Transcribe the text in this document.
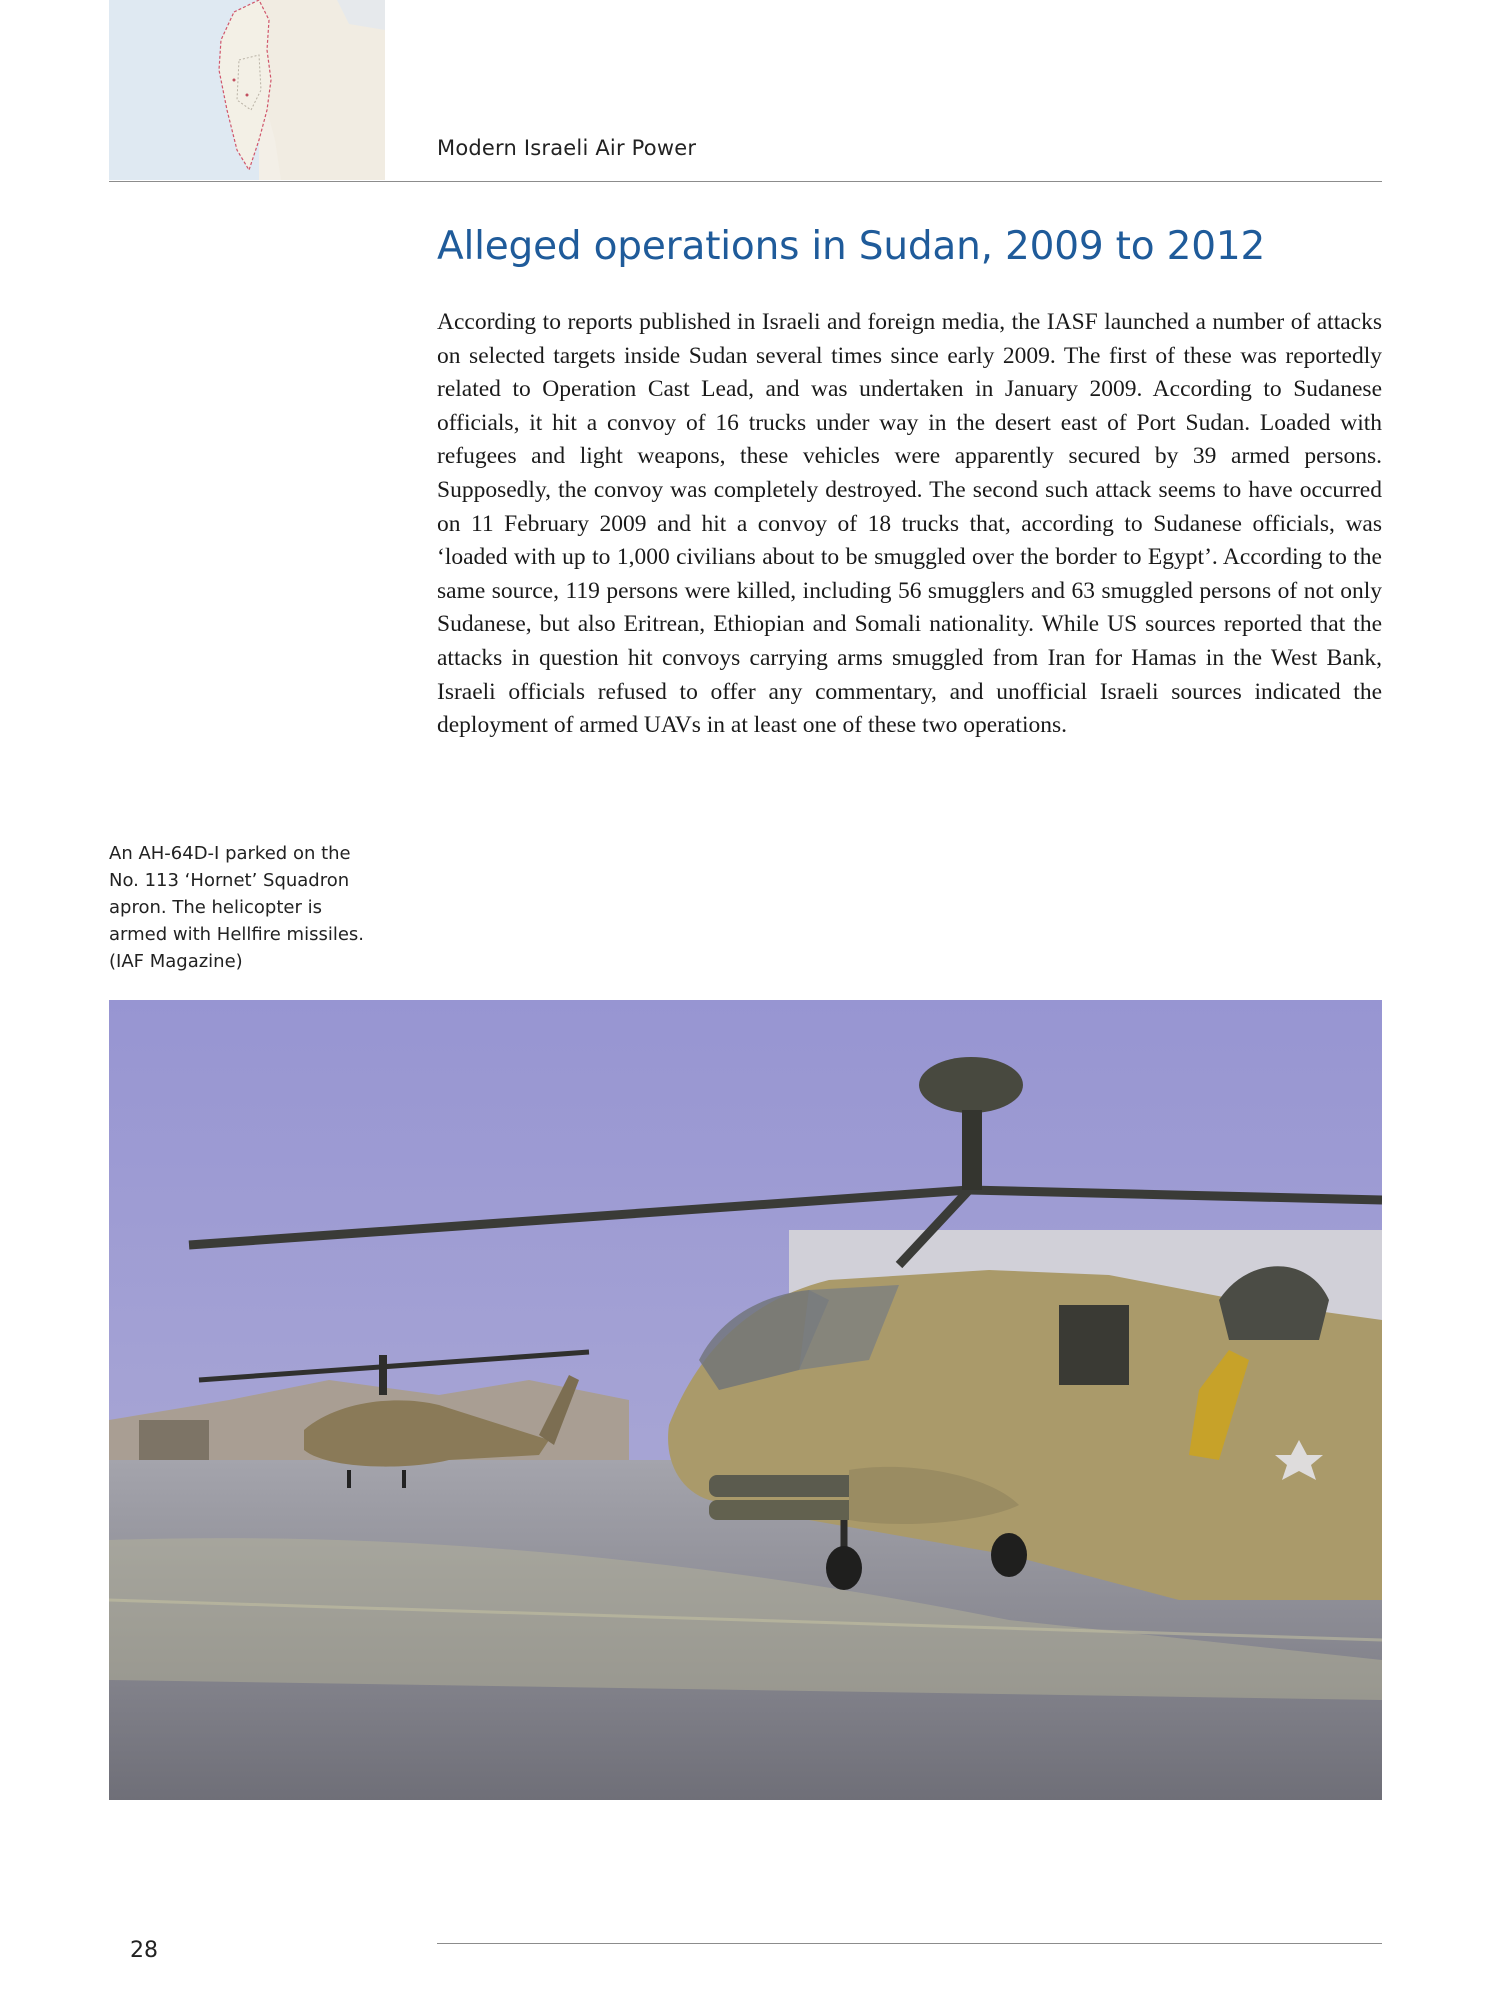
Modern Israeli Air Power
Alleged operations in Sudan, 2009 to 2012

According to reports published in Israeli and foreign media, the IASF launched a number of attacks on selected targets inside Sudan several times since early 2009. The first of these was reportedly related to Operation Cast Lead, and was undertaken in January 2009. According to Sudanese officials, it hit a convoy of 16 trucks under way in the desert east of Port Sudan. Loaded with refugees and light weapons, these vehicles were apparently secured by 39 armed persons. Supposedly, the convoy was completely destroyed. The second such attack seems to have occurred on 11 February 2009 and hit a convoy of 18 trucks that, according to Sudanese officials, was ‘loaded with up to 1,000 civilians about to be smuggled over the border to Egypt’. According to the same source, 119 persons were killed, including 56 smugglers and 63 smuggled persons of not only Sudanese, but also Eritrean, Ethiopian and Somali nationality. While US sources reported that the attacks in question hit convoys carrying arms smuggled from Iran for Hamas in the West Bank, Israeli officials refused to offer any commentary, and unofficial Israeli sources indicated the deployment of armed UAVs in at least one of these two operations.

An AH-64D-I parked on the No. 113 ‘Hornet’ Squadron apron. The helicopter is armed with Hellfire missiles. (IAF Magazine)

28
